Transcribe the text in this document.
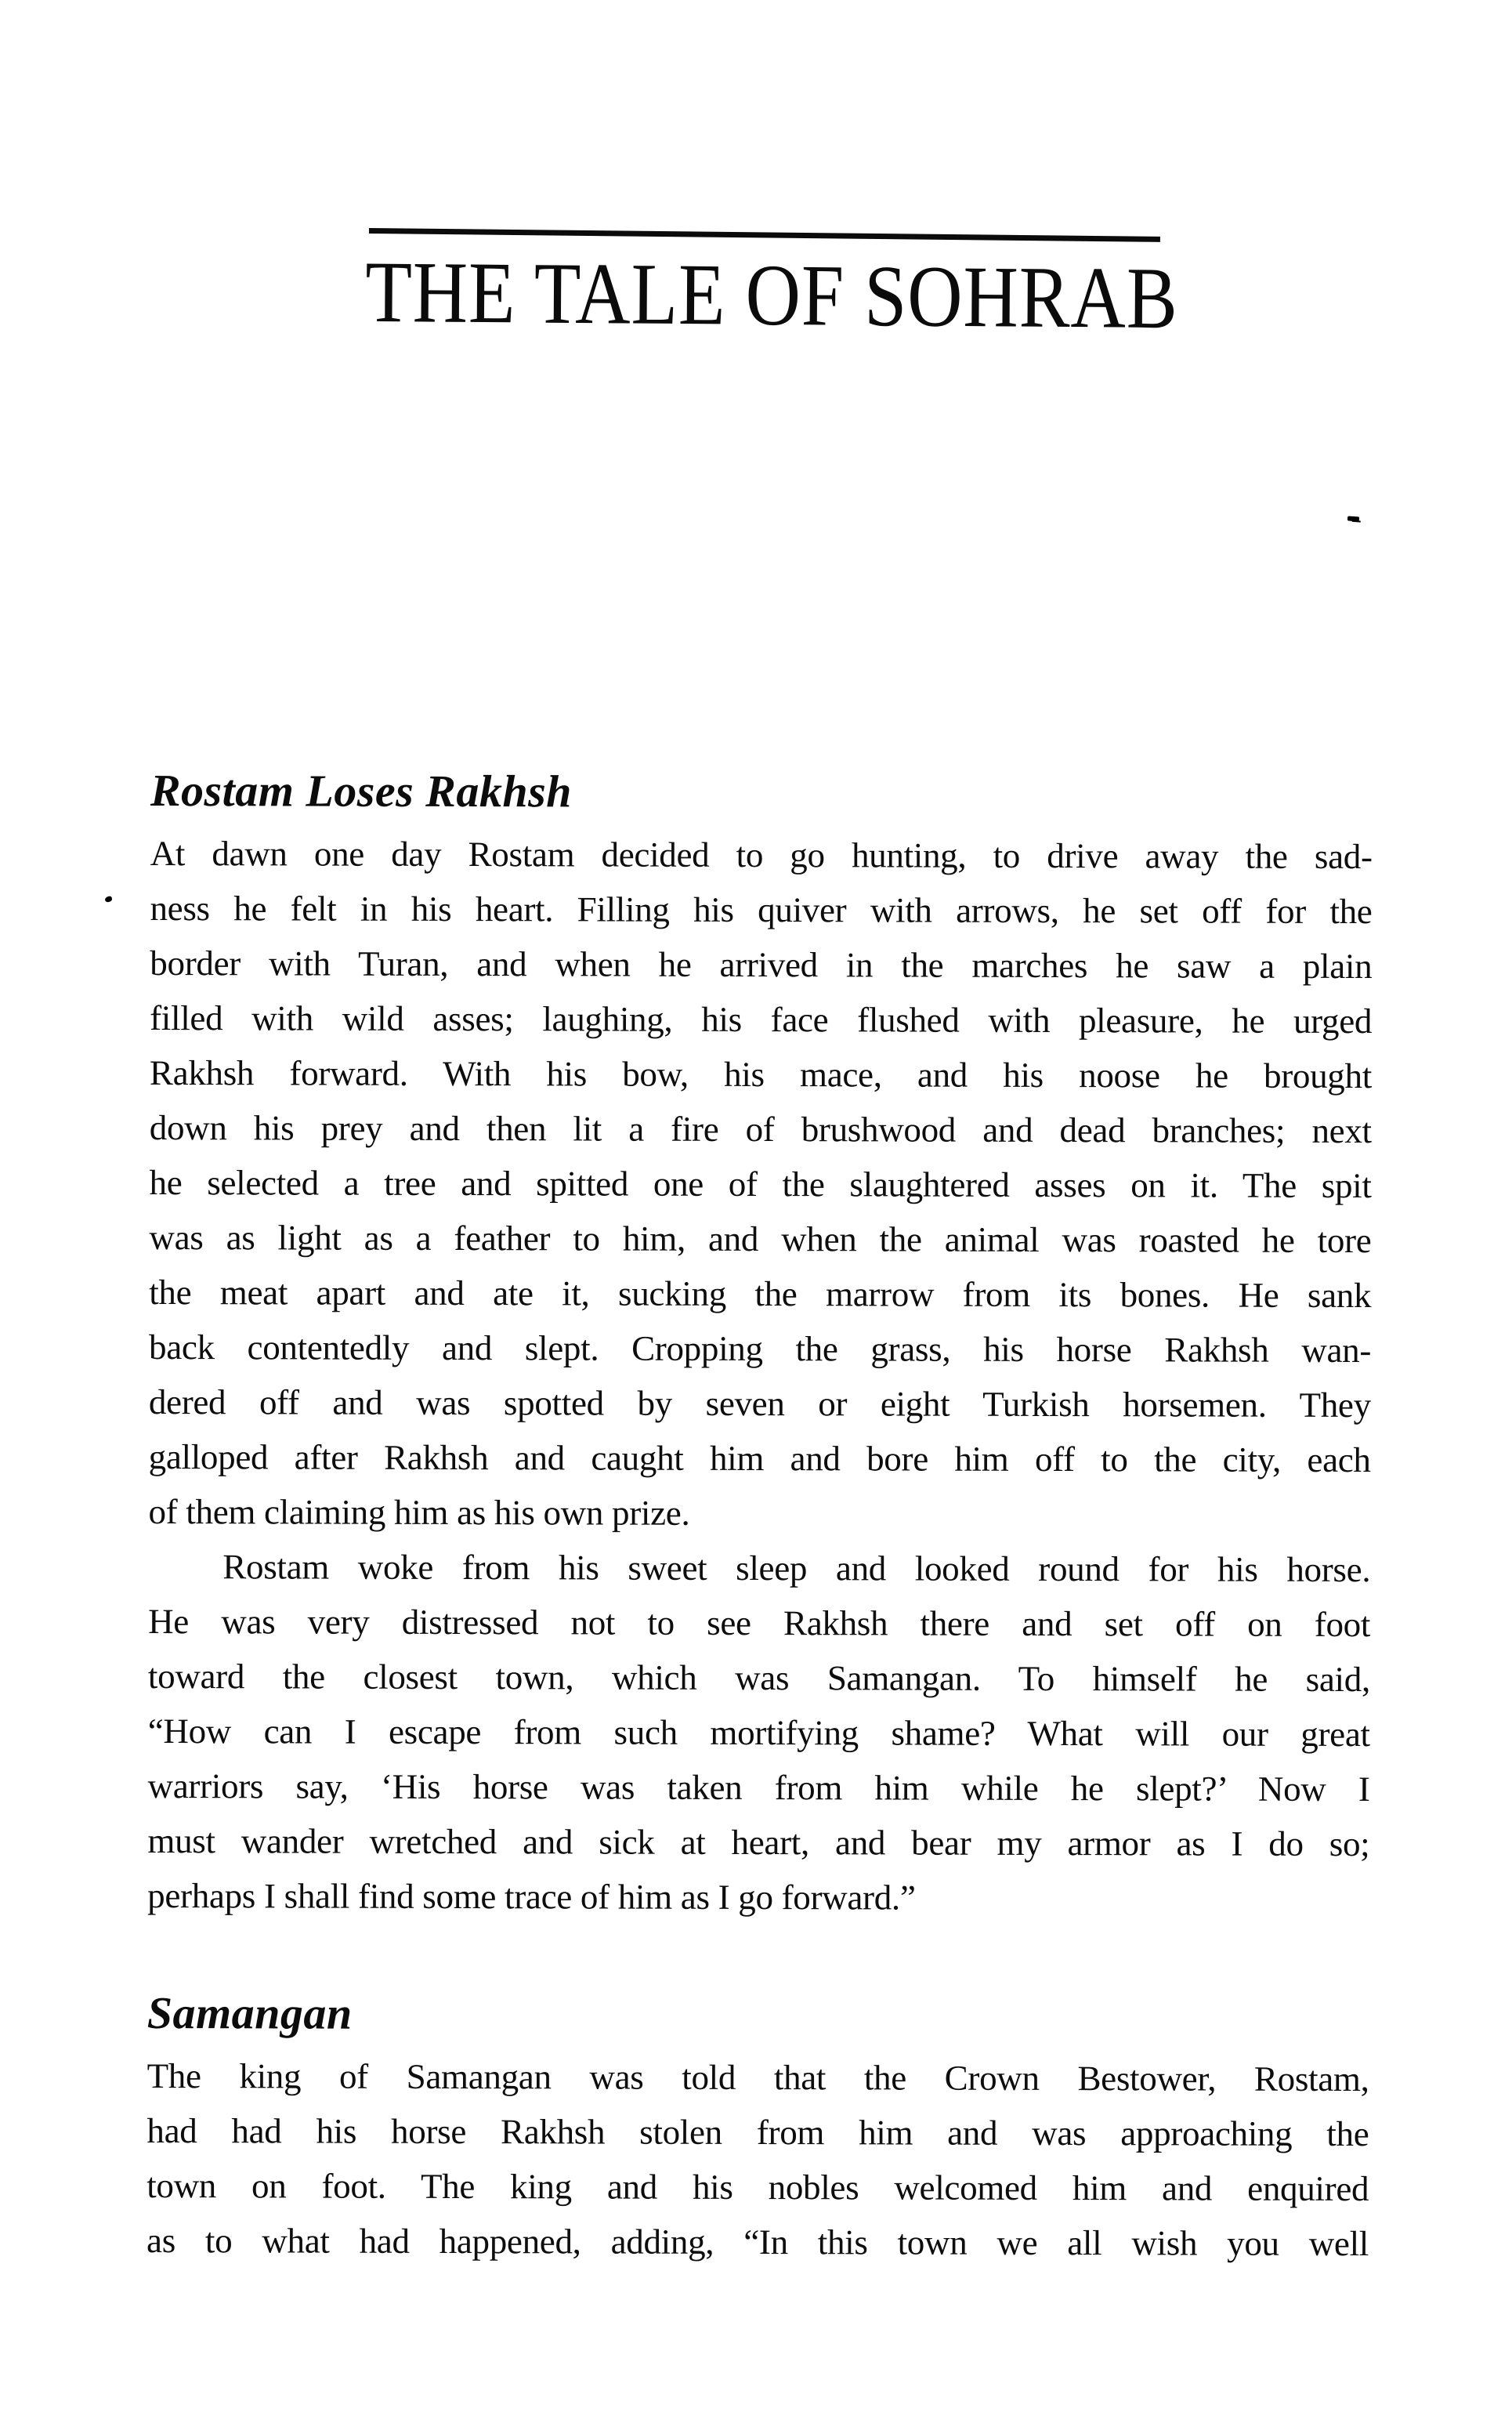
THE TALE OF SOHRAB
Rostam Loses Rakhsh
At dawn one day Rostam decided to go hunting, to drive away the sad-
ness he felt in his heart. Filling his quiver with arrows, he set off for the
border with Turan, and when he arrived in the marches he saw a plain
filled with wild asses; laughing, his face flushed with pleasure, he urged
Rakhsh forward. With his bow, his mace, and his noose he brought
down his prey and then lit a fire of brushwood and dead branches; next
he selected a tree and spitted one of the slaughtered asses on it. The spit
was as light as a feather to him, and when the animal was roasted he tore
the meat apart and ate it, sucking the marrow from its bones. He sank
back contentedly and slept. Cropping the grass, his horse Rakhsh wan-
dered off and was spotted by seven or eight Turkish horsemen. They
galloped after Rakhsh and caught him and bore him off to the city, each
of them claiming him as his own prize.
Rostam woke from his sweet sleep and looked round for his horse.
He was very distressed not to see Rakhsh there and set off on foot
toward the closest town, which was Samangan. To himself he said,
“How can I escape from such mortifying shame? What will our great
warriors say, ‘His horse was taken from him while he slept?’ Now I
must wander wretched and sick at heart, and bear my armor as I do so;
perhaps I shall find some trace of him as I go forward.”
Samangan
The king of Samangan was told that the Crown Bestower, Rostam,
had had his horse Rakhsh stolen from him and was approaching the
town on foot. The king and his nobles welcomed him and enquired
as to what had happened, adding, “In this town we all wish you well
